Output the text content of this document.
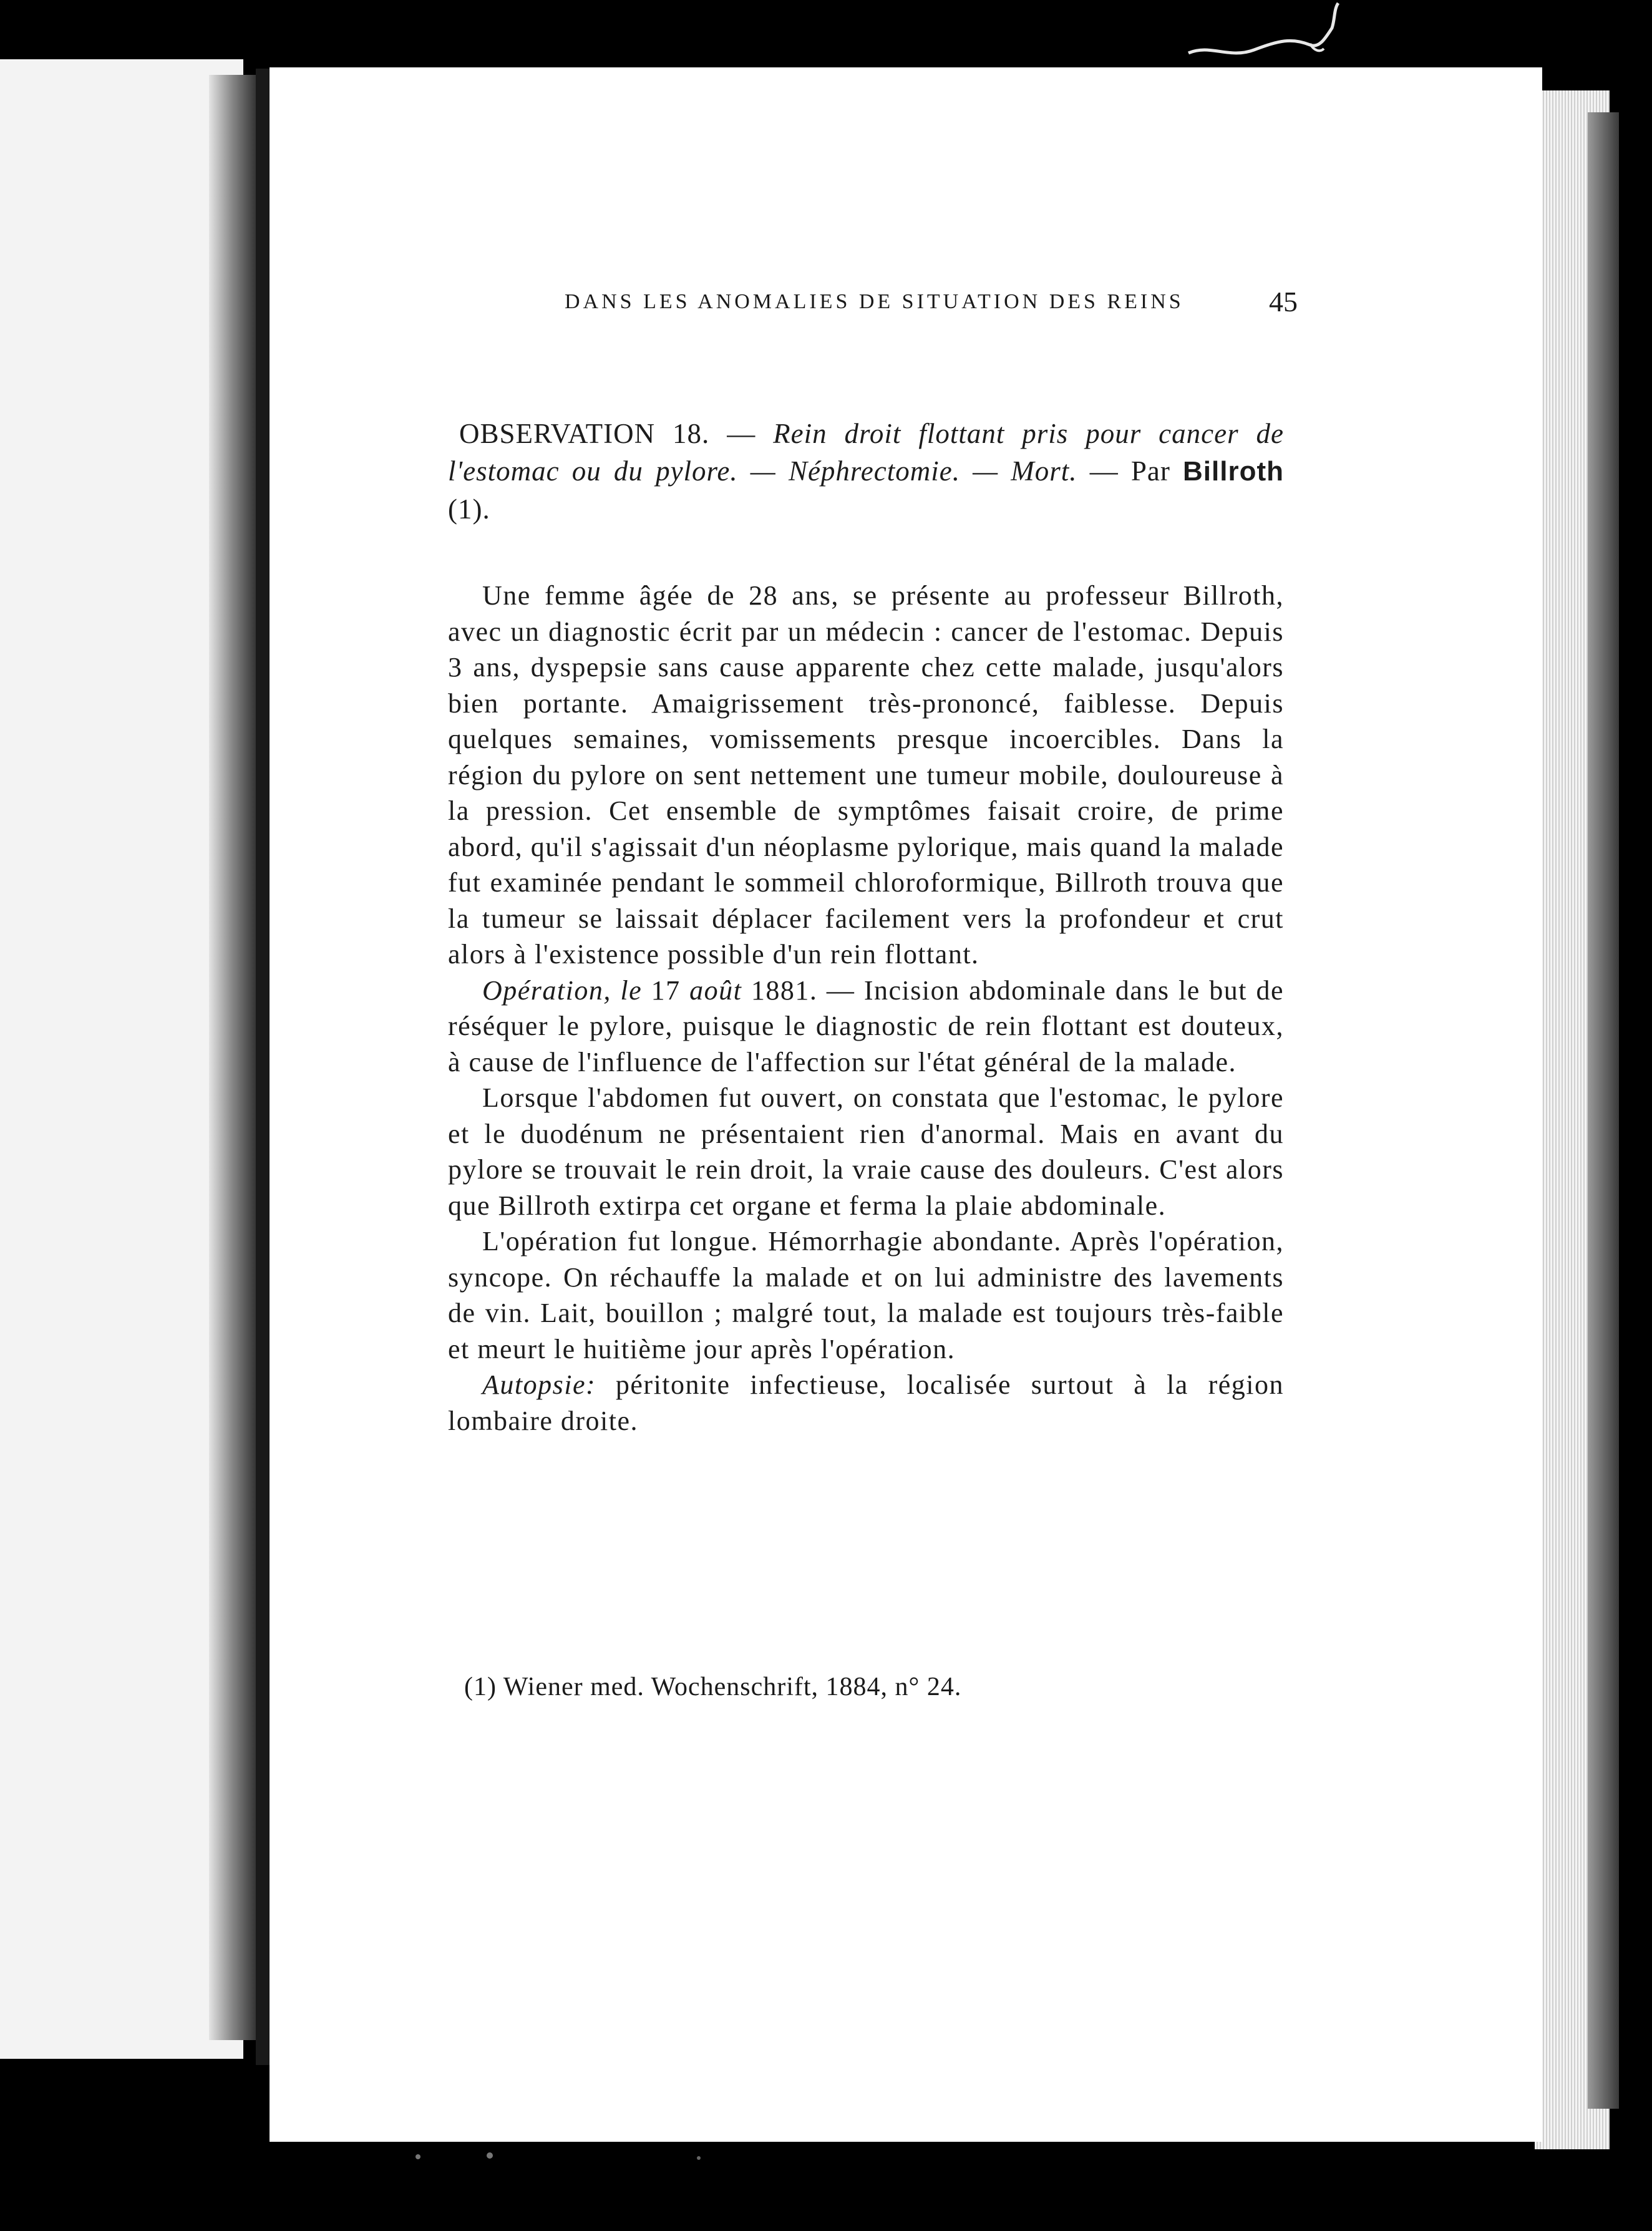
DANS LES ANOMALIES DE SITUATION DES REINS	45

OBSERVATION 18. — Rein droit flottant pris pour cancer de l'estomac ou du pylore. — Néphrectomie. — Mort. — Par Billroth (1).

Une femme âgée de 28 ans, se présente au professeur Billroth, avec un diagnostic écrit par un médecin : cancer de l'estomac. Depuis 3 ans, dyspepsie sans cause apparente chez cette malade, jusqu'alors bien portante. Amaigrissement très-prononcé, faiblesse. Depuis quelques semaines, vomissements presque incoercibles. Dans la région du pylore on sent nettement une tumeur mobile, douloureuse à la pression. Cet ensemble de symptômes faisait croire, de prime abord, qu'il s'agissait d'un néoplasme pylorique, mais quand la malade fut examinée pendant le sommeil chloroformique, Billroth trouva que la tumeur se laissait déplacer facilement vers la profondeur et crut alors à l'existence possible d'un rein flottant.

Opération, le 17 août 1881. — Incision abdominale dans le but de réséquer le pylore, puisque le diagnostic de rein flottant est douteux, à cause de l'influence de l'affection sur l'état général de la malade.

Lorsque l'abdomen fut ouvert, on constata que l'estomac, le pylore et le duodénum ne présentaient rien d'anormal. Mais en avant du pylore se trouvait le rein droit, la vraie cause des douleurs. C'est alors que Billroth extirpa cet organe et ferma la plaie abdominale.

L'opération fut longue. Hémorrhagie abondante. Après l'opération, syncope. On réchauffe la malade et on lui administre des lavements de vin. Lait, bouillon ; malgré tout, la malade est toujours très-faible et meurt le huitième jour après l'opération.

Autopsie: péritonite infectieuse, localisée surtout à la région lombaire droite.

(1) Wiener med. Wochenschrift, 1884, n° 24.
